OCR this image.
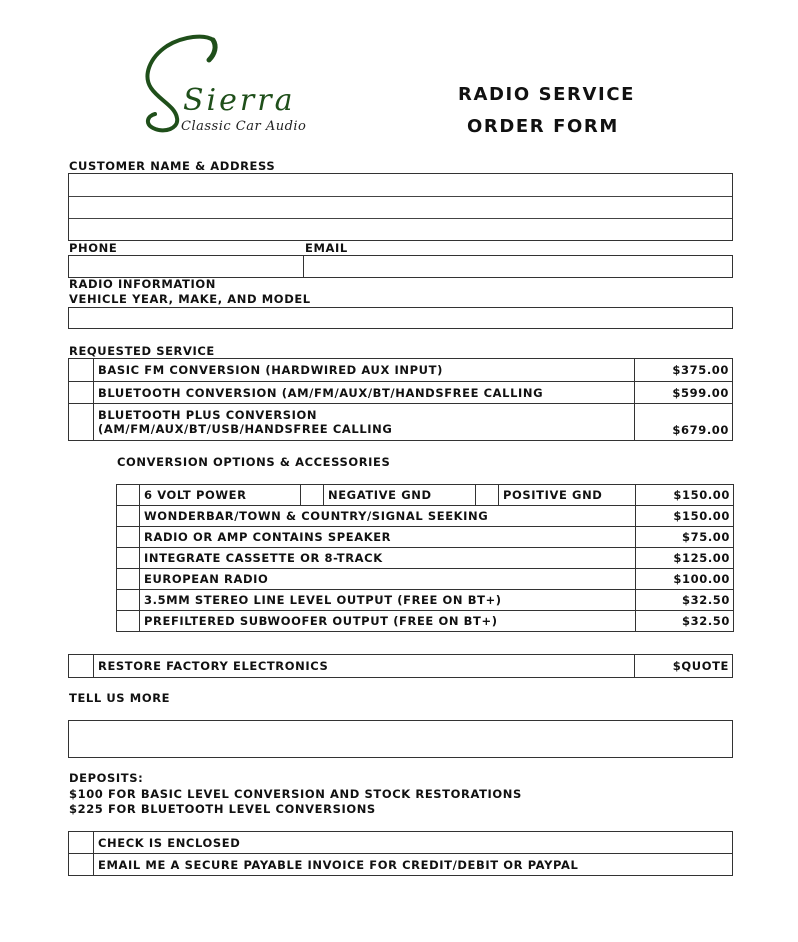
Sierra
Classic Car Audio
RADIO SERVICE
ORDER FORM
CUSTOMER NAME & ADDRESS
PHONE	EMAIL
RADIO INFORMATION
VEHICLE YEAR, MAKE, AND MODEL
REQUESTED SERVICE
	BASIC FM CONVERSION (HARDWIRED AUX INPUT)	$375.00
	BLUETOOTH CONVERSION (AM/FM/AUX/BT/HANDSFREE CALLING	$599.00

	BLUETOOTH PLUS CONVERSION
(AM/FM/AUX/BT/USB/HANDSFREE CALLING	$679.00
CONVERSION OPTIONS & ACCESSORIES
	6 VOLT POWER		NEGATIVE GND		POSITIVE GND	$150.00
	WONDERBAR/TOWN & COUNTRY/SIGNAL SEEKING					$150.00
	RADIO OR AMP CONTAINS SPEAKER					$75.00
	INTEGRATE CASSETTE OR 8-TRACK					$125.00
	EUROPEAN RADIO					$100.00
	3.5MM STEREO LINE LEVEL OUTPUT (FREE ON BT+)					$32.50
	PREFILTERED SUBWOOFER OUTPUT (FREE ON BT+)					$32.50
	RESTORE FACTORY ELECTRONICS	$QUOTE
TELL US MORE
DEPOSITS:
$100 FOR BASIC LEVEL CONVERSION AND STOCK RESTORATIONS
$225 FOR BLUETOOTH LEVEL CONVERSIONS
	CHECK IS ENCLOSED
	EMAIL ME A SECURE PAYABLE INVOICE FOR CREDIT/DEBIT OR PAYPAL
